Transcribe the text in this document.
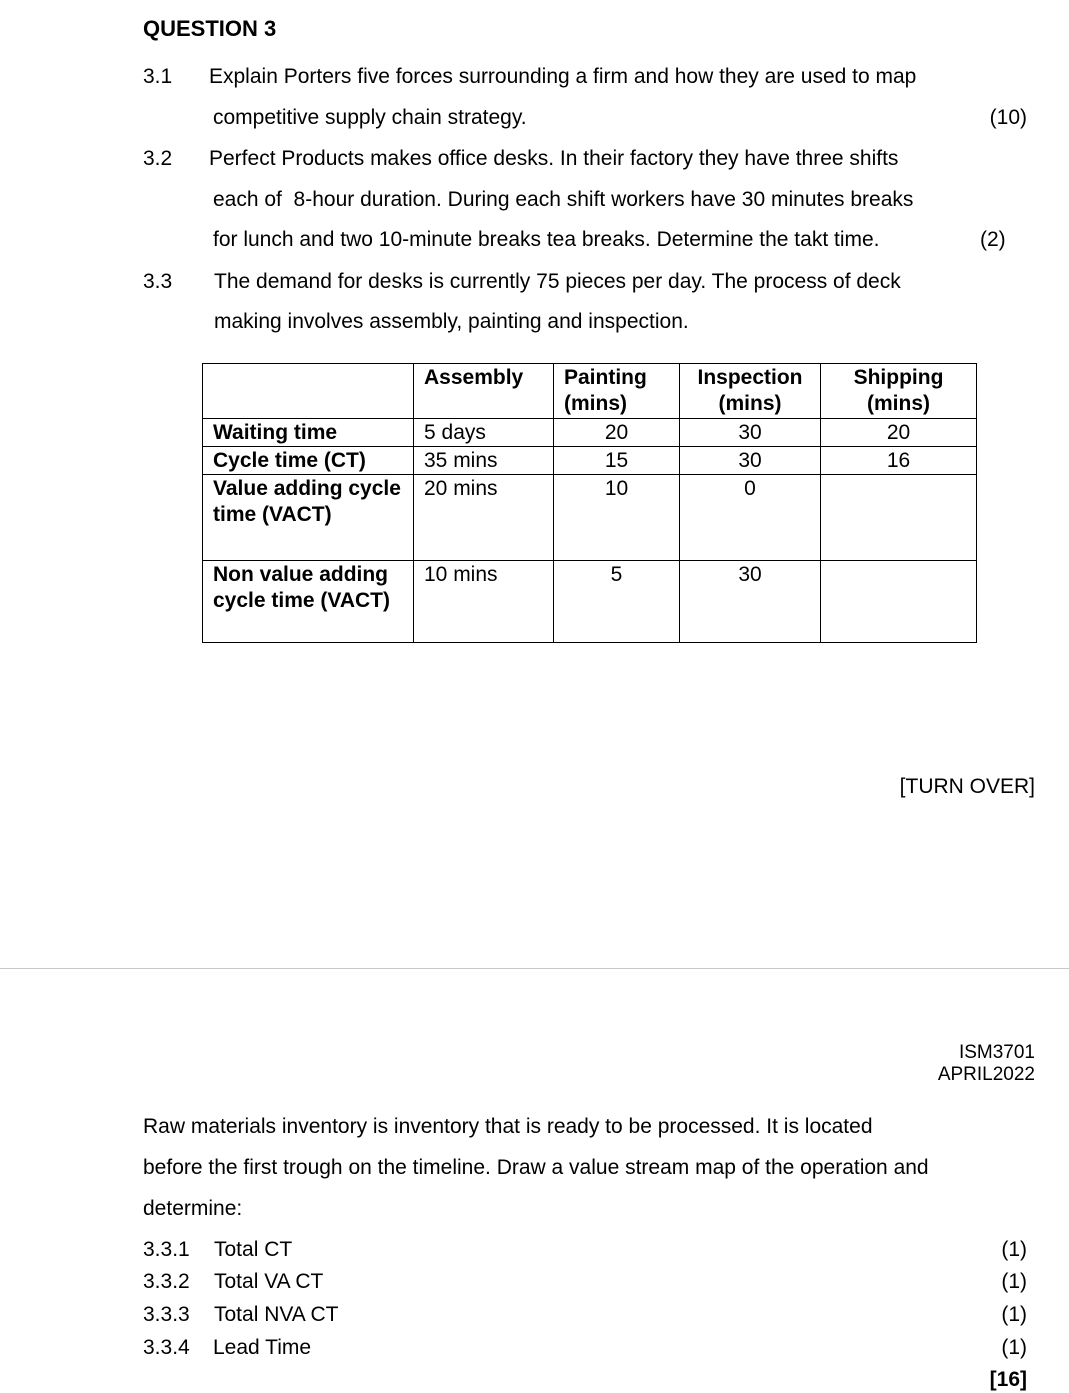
QUESTION 3
3.1 Explain Porters five forces surrounding a firm and how they are used to map
competitive supply chain strategy.	(10)
3.2 Perfect Products makes office desks. In their factory they have three shifts
each of  8-hour duration. During each shift workers have 30 minutes breaks
for lunch and two 10-minute breaks tea breaks. Determine the takt time.	(2)
3.3 The demand for desks is currently 75 pieces per day. The process of deck
making involves assembly, painting and inspection.
	Assembly	Painting (mins)	Inspection (mins)	Shipping (mins)
Waiting time	5 days	20	30	20
Cycle time (CT)	35 mins	15	30	16
Value adding cycle time (VACT)	20 mins	10	0	
Non value adding cycle time (VACT)	10 mins	5	30	
[TURN OVER]
ISM3701
APRIL2022
Raw materials inventory is inventory that is ready to be processed. It is located
before the first trough on the timeline. Draw a value stream map of the operation and
determine:
3.3.1 Total CT	(1)
3.3.2 Total VA CT	(1)
3.3.3 Total NVA CT	(1)
3.3.4 Lead Time	(1)
[16]
